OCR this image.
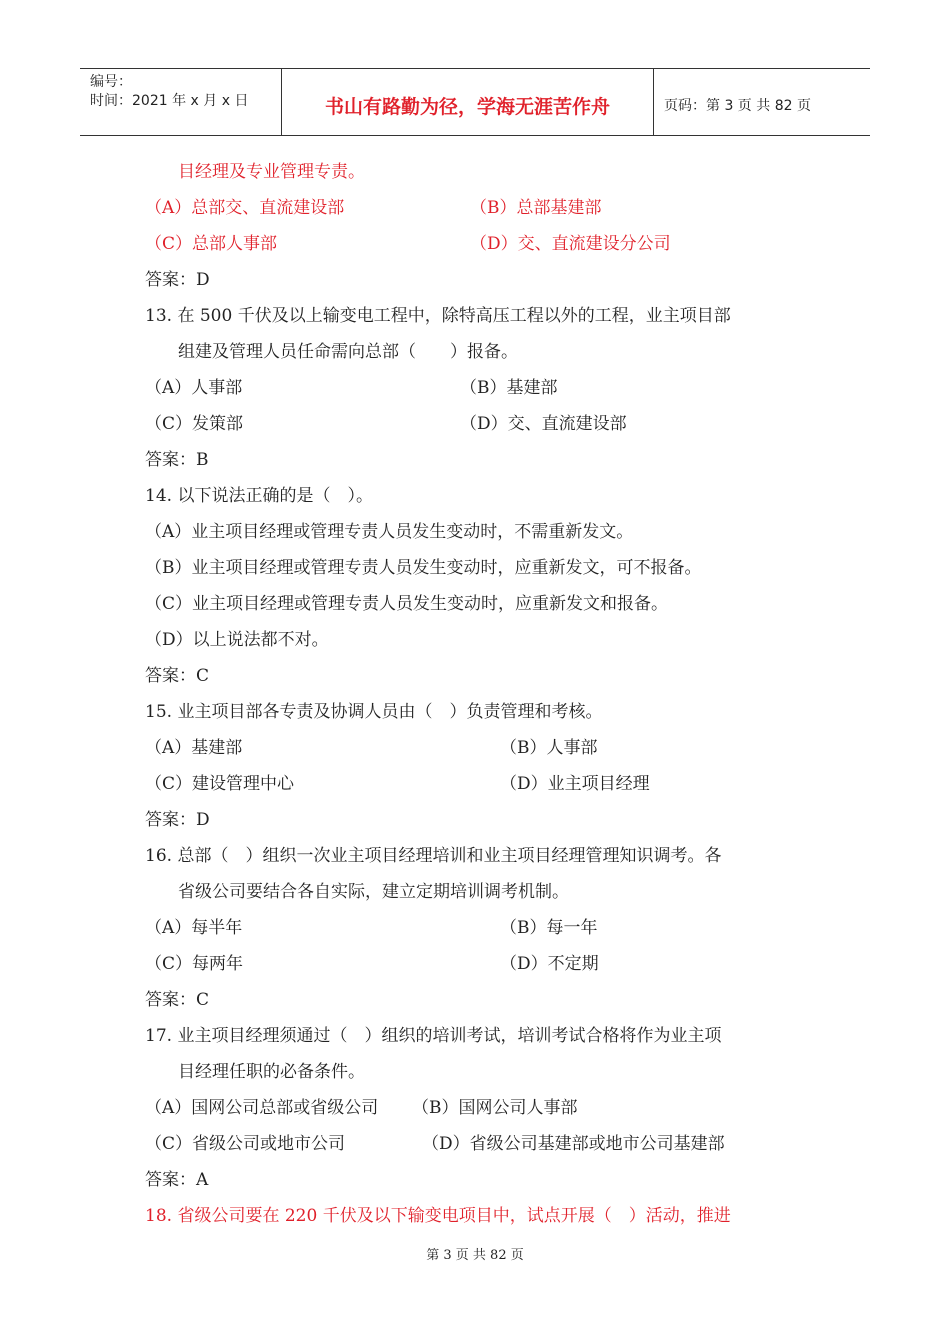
编号：
时间：2021 年 x 月 x 日	书山有路勤为径，学海无涯苦作舟	页码：第 3 页 共 82 页
目经理及专业管理专责。
（A）总部交、直流建设部	（B）总部基建部
（C）总部人事部	（D）交、直流建设分公司
答案：D
13. 在 500 千伏及以上输变电工程中，除特高压工程以外的工程，业主项目部
组建及管理人员任命需向总部（　　）报备。
（A）人事部	（B）基建部
（C）发策部	（D）交、直流建设部
答案：B
14. 以下说法正确的是（　）。
（A）业主项目经理或管理专责人员发生变动时，不需重新发文。
（B）业主项目经理或管理专责人员发生变动时，应重新发文，可不报备。
（C）业主项目经理或管理专责人员发生变动时，应重新发文和报备。
（D）以上说法都不对。
答案：C
15. 业主项目部各专责及协调人员由（　）负责管理和考核。
（A）基建部	（B）人事部
（C）建设管理中心	（D）业主项目经理
答案：D
16. 总部（　）组织一次业主项目经理培训和业主项目经理管理知识调考。各
省级公司要结合各自实际，建立定期培训调考机制。
（A）每半年	（B）每一年
（C）每两年	（D）不定期
答案：C
17. 业主项目经理须通过（　）组织的培训考试，培训考试合格将作为业主项
目经理任职的必备条件。
（A）国网公司总部或省级公司 （B）国网公司人事部
（C）省级公司或地市公司	（D）省级公司基建部或地市公司基建部
答案：A
18. 省级公司要在 220 千伏及以下输变电项目中，试点开展（　）活动，推进
第 3 页 共 82 页
